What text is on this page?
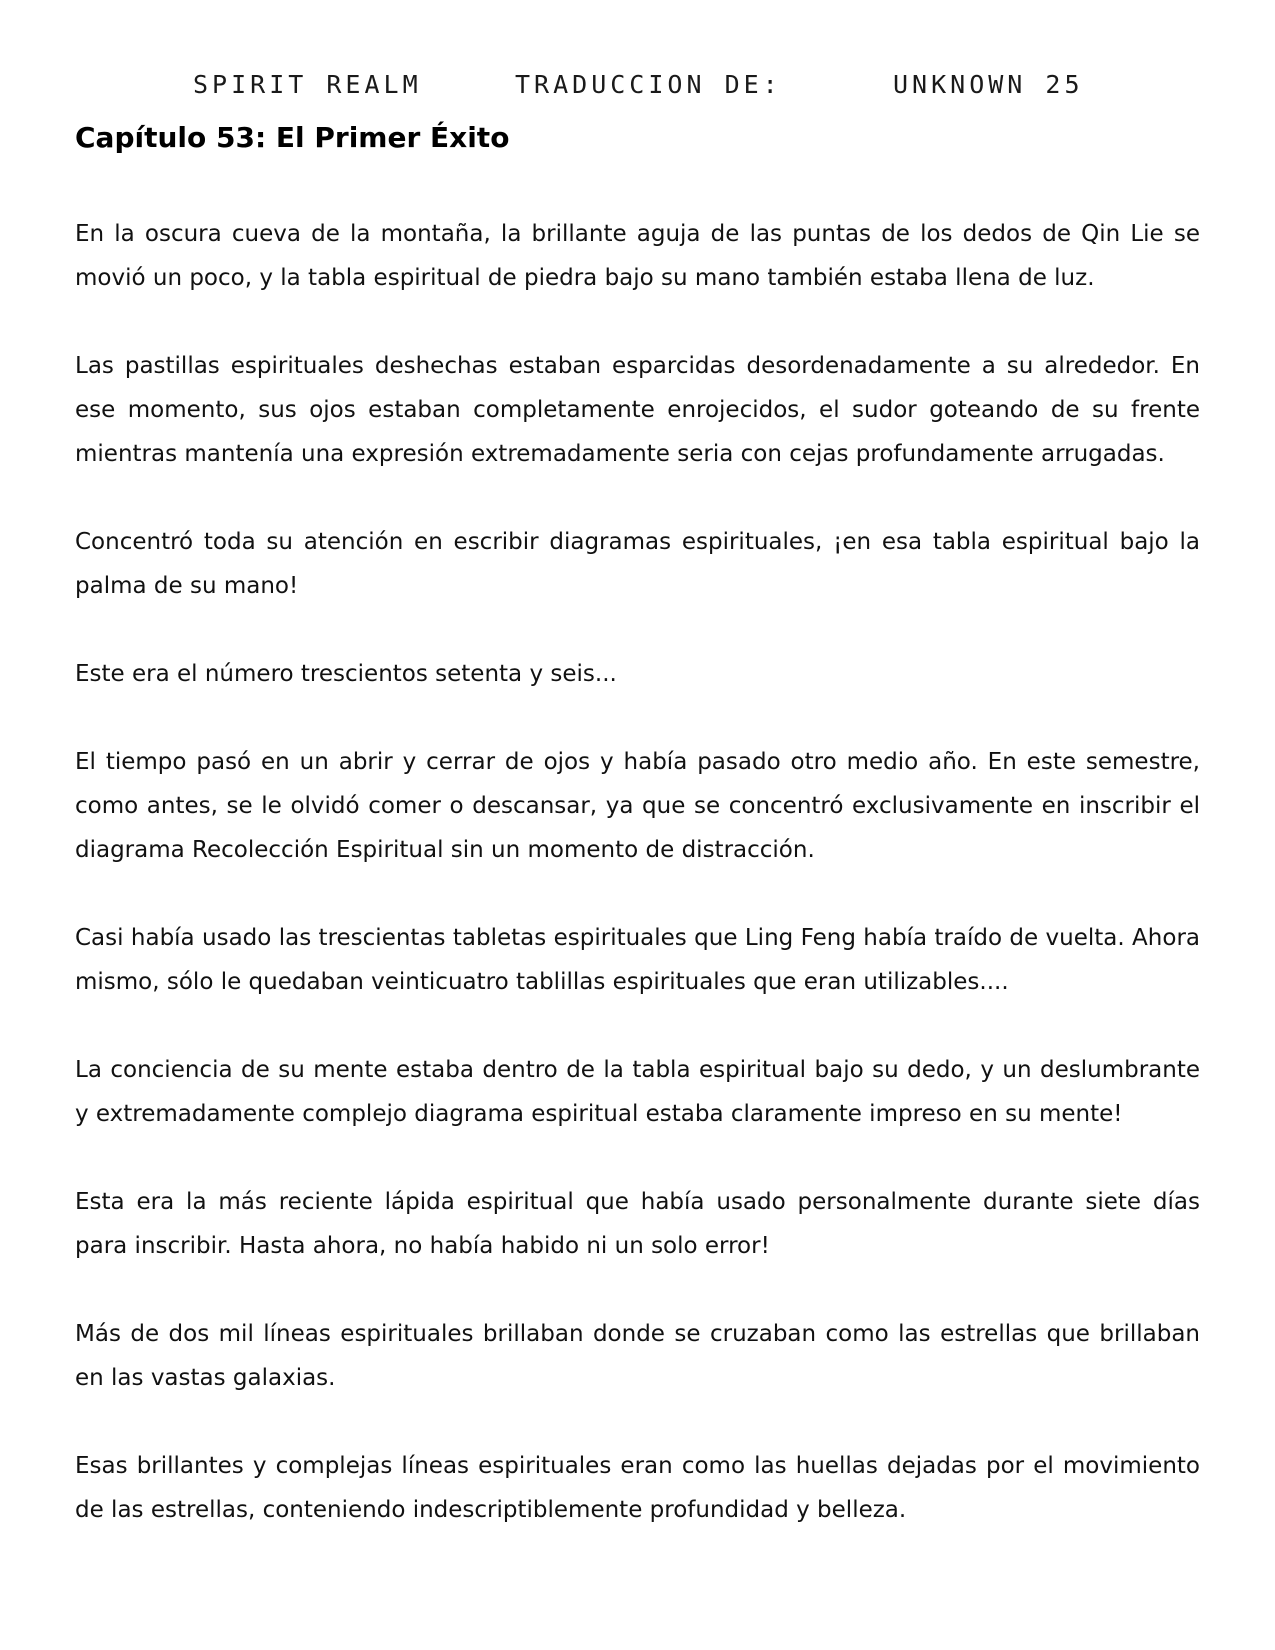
SPIRIT REALM	TRADUCCION DE:	UNKNOWN 25
Capítulo 53: El Primer Éxito

En la oscura cueva de la montaña, la brillante aguja de las puntas de los dedos de Qin Lie se movió un poco, y la tabla espiritual de piedra bajo su mano también estaba llena de luz.

Las pastillas espirituales deshechas estaban esparcidas desordenadamente a su alrededor. En ese momento, sus ojos estaban completamente enrojecidos, el sudor goteando de su frente mientras mantenía una expresión extremadamente seria con cejas profundamente arrugadas.

Concentró toda su atención en escribir diagramas espirituales, ¡en esa tabla espiritual bajo la palma de su mano!

Este era el número trescientos setenta y seis...

El tiempo pasó en un abrir y cerrar de ojos y había pasado otro medio año. En este semestre, como antes, se le olvidó comer o descansar, ya que se concentró exclusivamente en inscribir el diagrama Recolección Espiritual sin un momento de distracción.

Casi había usado las trescientas tabletas espirituales que Ling Feng había traído de vuelta. Ahora mismo, sólo le quedaban veinticuatro tablillas espirituales que eran utilizables....

La conciencia de su mente estaba dentro de la tabla espiritual bajo su dedo, y un deslumbrante y extremadamente complejo diagrama espiritual estaba claramente impreso en su mente!

Esta era la más reciente lápida espiritual que había usado personalmente durante siete días para inscribir. Hasta ahora, no había habido ni un solo error!

Más de dos mil líneas espirituales brillaban donde se cruzaban como las estrellas que brillaban en las vastas galaxias.

Esas brillantes y complejas líneas espirituales eran como las huellas dejadas por el movimiento de las estrellas, conteniendo indescriptiblemente profundidad y belleza.
